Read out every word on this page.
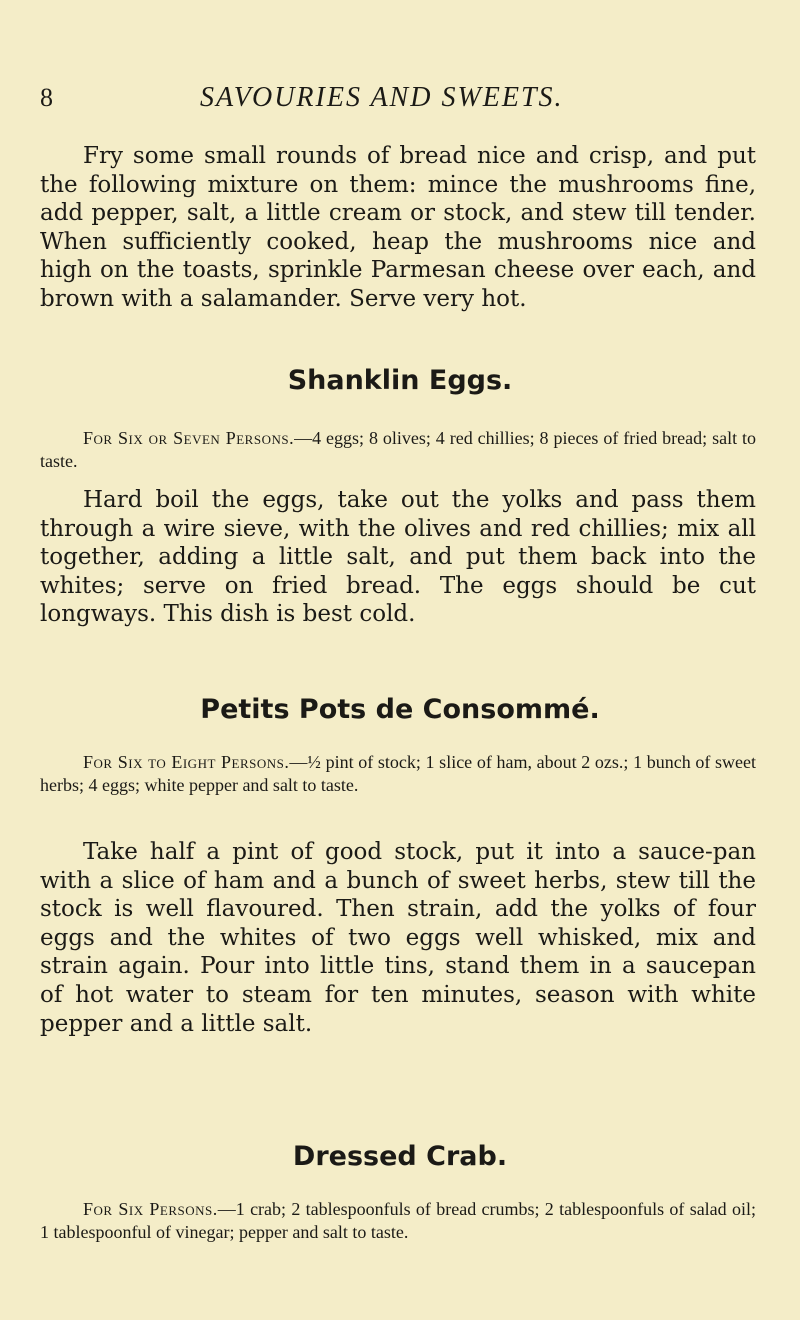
8	SAVOURIES AND SWEETS.

Fry some small rounds of bread nice and crisp, and put the following mixture on them: mince the mushrooms fine, add pepper, salt, a little cream or stock, and stew till tender. When sufficiently cooked, heap the mushrooms nice and high on the toasts, sprinkle Parmesan cheese over each, and brown with a salamander. Serve very hot.

Shanklin Eggs.

For Six or Seven Persons.—4 eggs; 8 olives; 4 red chillies; 8 pieces of fried bread; salt to taste.

Hard boil the eggs, take out the yolks and pass them through a wire sieve, with the olives and red chillies; mix all together, adding a little salt, and put them back into the whites; serve on fried bread. The eggs should be cut longways. This dish is best cold.

Petits Pots de Consommé.

For Six to Eight Persons.—½ pint of stock; 1 slice of ham, about 2 ozs.; 1 bunch of sweet herbs; 4 eggs; white pepper and salt to taste.

Take half a pint of good stock, put it into a sauce-pan with a slice of ham and a bunch of sweet herbs, stew till the stock is well flavoured. Then strain, add the yolks of four eggs and the whites of two eggs well whisked, mix and strain again. Pour into little tins, stand them in a saucepan of hot water to steam for ten minutes, season with white pepper and a little salt.

Dressed Crab.

For Six Persons.—1 crab; 2 tablespoonfuls of bread crumbs; 2 tablespoonfuls of salad oil; 1 tablespoonful of vinegar; pepper and salt to taste.
